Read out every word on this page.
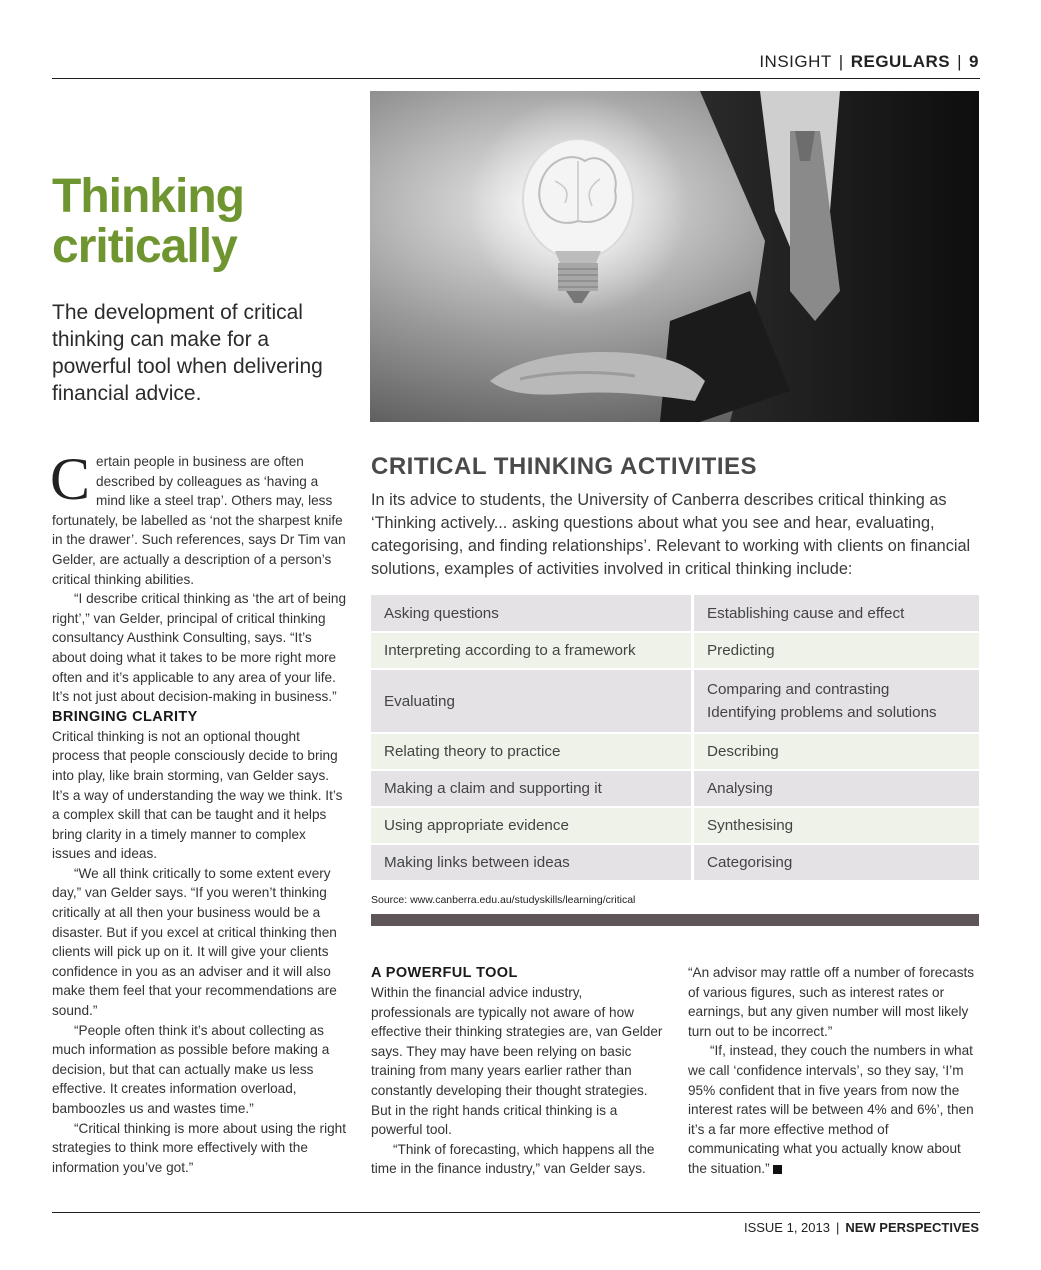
INSIGHT | REGULARS | 9
Thinking critically

The development of critical thinking can make for a powerful tool when delivering financial advice.

Certain people in business are often described by colleagues as ‘having a mind like a steel trap’. Others may, less fortunately, be labelled as ‘not the sharpest knife in the drawer’. Such references, says Dr Tim van Gelder, are actually a description of a person’s critical thinking abilities.

“I describe critical thinking as ‘the art of being right’,” van Gelder, principal of critical thinking consultancy Austhink Consulting, says. “It’s about doing what it takes to be more right more often and it’s applicable to any area of your life. It’s not just about decision-making in business.”

BRINGING CLARITY

Critical thinking is not an optional thought process that people consciously decide to bring into play, like brain storming, van Gelder says. It’s a way of understanding the way we think. It’s a complex skill that can be taught and it helps bring clarity in a timely manner to complex issues and ideas.

“We all think critically to some extent every day,” van Gelder says. “If you weren’t thinking critically at all then your business would be a disaster. But if you excel at critical thinking then clients will pick up on it. It will give your clients confidence in you as an adviser and it will also make them feel that your recommendations are sound.”

“People often think it’s about collecting as much information as possible before making a decision, but that can actually make us less effective. It creates information overload, bamboozles us and wastes time.”

“Critical thinking is more about using the right strategies to think more effectively with the information you’ve got.”

CRITICAL THINKING ACTIVITIES

In its advice to students, the University of Canberra describes critical thinking as ‘Thinking actively... asking questions about what you see and hear, evaluating, categorising, and finding relationships’. Relevant to working with clients on financial solutions, examples of activities involved in critical thinking include:

Asking questions	Establishing cause and effect
Interpreting according to a framework	Predicting
Evaluating	Comparing and contrasting
Identifying problems and solutions

Relating theory to practice	Describing
Making a claim and supporting it	Analysing
Using appropriate evidence	Synthesising
Making links between ideas	Categorising
Source: www.canberra.edu.au/studyskills/learning/critical

A POWERFUL TOOL

Within the financial advice industry, professionals are typically not aware of how effective their thinking strategies are, van Gelder says. They may have been relying on basic training from many years earlier rather than constantly developing their thought strategies. But in the right hands critical thinking is a powerful tool.

“Think of forecasting, which happens all the time in the finance industry,” van Gelder says.

“An advisor may rattle off a number of forecasts of various figures, such as interest rates or earnings, but any given number will most likely turn out to be incorrect.”

“If, instead, they couch the numbers in what we call ‘confidence intervals’, so they say, ‘I’m 95% confident that in five years from now the interest rates will be between 4% and 6%’, then it’s a far more effective method of communicating what you actually know about the situation.”

ISSUE 1, 2013 | NEW PERSPECTIVES
